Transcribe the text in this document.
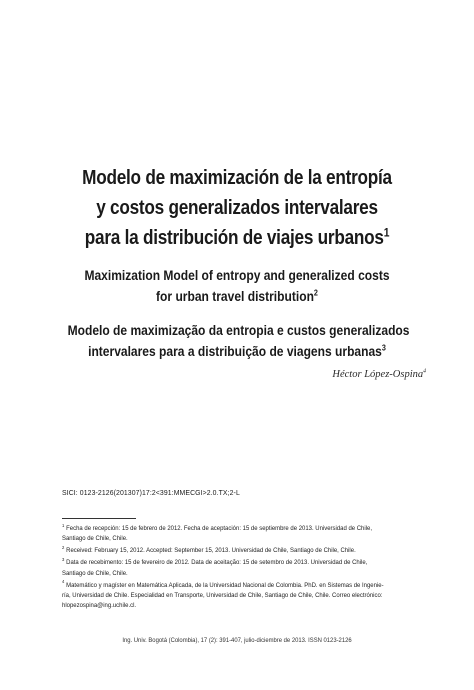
Modelo de maximización de la entropía
y costos generalizados intervalares
para la distribución de viajes urbanos$^1$
Maximization Model of entropy and generalized costs
for urban travel distribution$^2$
Modelo de maximização da entropia e custos generalizados
intervalares para a distribuição de viagens urbanas$^3$
Héctor López-Ospina$^4$
SICI: 0123-2126(201307)17:2<391:MMECGI>2.0.TX;2-L
$^1$ Fecha de recepción: 15 de febrero de 2012. Fecha de aceptación: 15 de septiembre de 2013. Universidad de Chile,
Santiago de Chile, Chile.
$^2$ Received: February 15, 2012. Accepted: September 15, 2013. Universidad de Chile, Santiago de Chile, Chile.
$^3$ Data de recebimento: 15 de fevereiro de 2012. Data de aceitação: 15 de setembro de 2013. Universidad de Chile,
Santiago de Chile, Chile.
$^4$ Matemático y magíster en Matemática Aplicada, de la Universidad Nacional de Colombia. PhD. en Sistemas de Ingenie-
ría, Universidad de Chile. Especialidad en Transporte, Universidad de Chile, Santiago de Chile, Chile. Correo electrónico:
hlopezospina@ing.uchile.cl.
Ing. Univ. Bogotá (Colombia), 17 (2): 391-407, julio-diciembre de 2013. ISSN 0123-2126
